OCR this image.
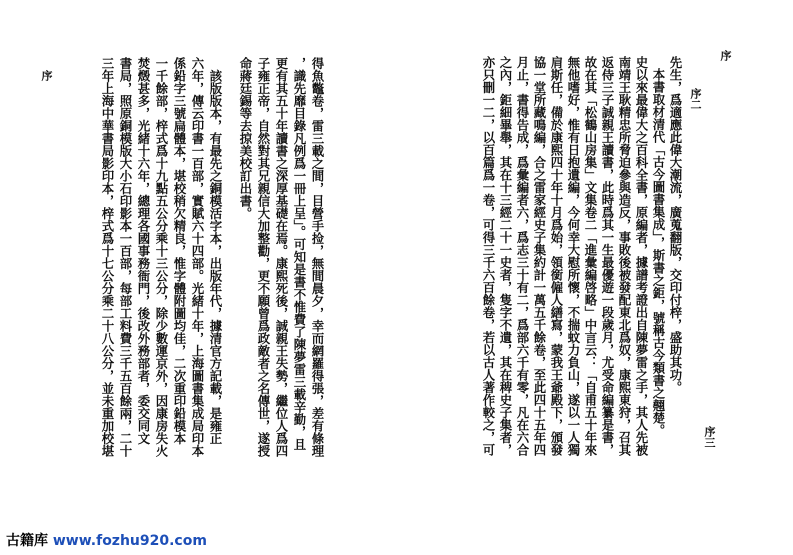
序
序二
序
序三
先生，爲適應此偉大潮流，廣蒐翻版，交印付梓，盛助其功。
本書取材清代「古今圖書集成」，斯書之鉅，號稱古今類書之翹楚。
史以來最偉大之百科全書，原編者，據譜考證出自陳夢雷之手，其人先被
南靖王耿精忠所脅迫參與造反，事敗後被發配東北爲奴，康熙東狩，召其
返侍三子誠親王讀書，此時爲其一生最優遊一段歲月，尤受命編纂是書，
故在其「松鶴山房集」文集卷二「進彙編啓略」中言云：「自甫五十年來
無他嗜好，惟有日抱遺編，今何幸大慰所懷，不揣蚊力負山，遂以一人獨
肩斯任，備於康熙四十年十月爲始，領銜僱人繕寫，蒙我王爺殿下，頒發
協一堂所藏鳴編，合之雷家經史子集約計一萬五千餘卷，至此四十五年四
月止，書得告成，爲彙編者六，爲志三十有二，爲部六千有零，凡在六合
之內，鉅細畢舉，其在十三經二十一史者，隻字不遺，其在稗史子集者，
亦只刪一二，以百篇爲一卷，可得三千六百餘卷，若以古人著作較之，可
得魚鼈卷，雷三載之間，目營手捡，無間晨夕，幸而網羅得張，差有條理
，識先靡目錄凡例爲一冊上呈」。可知是書不惟費了陳夢雷三載辛勤，且
更有其五十年讀書之深厚基礎在焉。康熙死後，誠親王失勢，繼位人爲四
子雍正帝，自然對其兄親信大加整勸，更不願曾爲政敵者之名傳世，遂授
命蔣廷錫等去掠美校訂出書。
　該版版本，有最先之銅模活字本，出版年代，據清官方記載，是雍正
六年，傳云印書一百部，實賦六十四部。光緒十年，上海圖書集成局印本
係鉛字三號扁體本，堪校稍欠精良，惟字體附圖均佳，二次重印鉛模本
一千餘部，梓式爲十九點五公分乘十三公分，除少數運京外，因康房失火
焚燬甚多，光緒十六年，總理各國事務衙門，後改外務部者，委交同文
書局，照原銅模版大小石印影本一百部，每部工料費三千五百餘兩，二十
三年上海中華書局影印本，梓式爲十七公分乘二十八公分，並未重加校堪
古籍库 www.fozhu920.com
